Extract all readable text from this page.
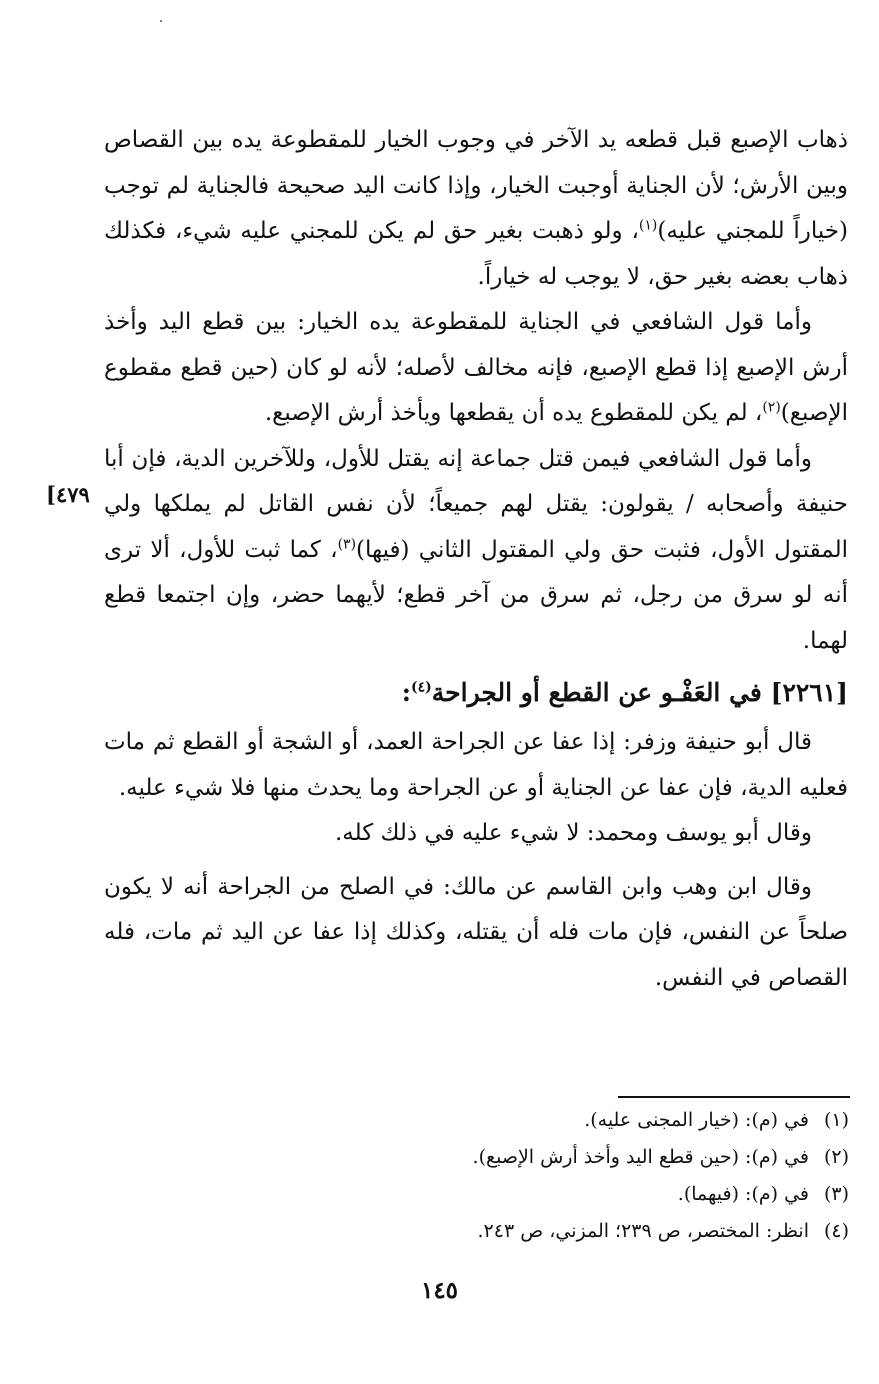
ذهاب الإصبع قبل قطعه يد الآخر في وجوب الخيار للمقطوعة يده بين القصاص وبين الأرش؛ لأن الجناية أوجبت الخيار، وإذا كانت اليد صحيحة فالجناية لم توجب (خياراً للمجني عليه)$^{(١)}$، ولو ذهبت بغير حق لم يكن للمجني عليه شيء، فكذلك ذهاب بعضه بغير حق، لا يوجب له خياراً.

وأما قول الشافعي في الجناية للمقطوعة يده الخيار: بين قطع اليد وأخذ أرش الإصبع إذا قطع الإصبع، فإنه مخالف لأصله؛ لأنه لو كان (حين قطع مقطوع الإصبع)$^{(٢)}$، لم يكن للمقطوع يده أن يقطعها ويأخذ أرش الإصبع.

وأما قول الشافعي فيمن قتل جماعة إنه يقتل للأول، وللآخرين الدية، فإن أبا حنيفة وأصحابه / يقولون: يقتل لهم جميعاً؛ لأن نفس القاتل لم يملكها ولي المقتول الأول، فثبت حق ولي المقتول الثاني (فيها)$^{(٣)}$، كما ثبت للأول، ألا ترى أنه لو سرق من رجل، ثم سرق من آخر قطع؛ لأيهما حضر، وإن اجتمعا قطع لهما.

[٢٢٦١] في العَفْـو عن القطع أو الجراحة$^{(٤)}$:

قال أبو حنيفة وزفر: إذا عفا عن الجراحة العمد، أو الشجة أو القطع ثم مات فعليه الدية، فإن عفا عن الجناية أو عن الجراحة وما يحدث منها فلا شيء عليه.

وقال أبو يوسف ومحمد: لا شيء عليه في ذلك كله.

وقال ابن وهب وابن القاسم عن مالك: في الصلح من الجراحة أنه لا يكون صلحاً عن النفس، فإن مات فله أن يقتله، وكذلك إذا عفا عن اليد ثم مات، فله القصاص في النفس.

[٤٧٩

(١)في (م): (خيار المجنى عليه).

(٢)في (م): (حين قطع اليد وأخذ أرش الإصبع).

(٣)في (م): (فيهما).

(٤)انظر: المختصر، ص ٢٣٩؛ المزني، ص ٢٤٣.

١٤٥
